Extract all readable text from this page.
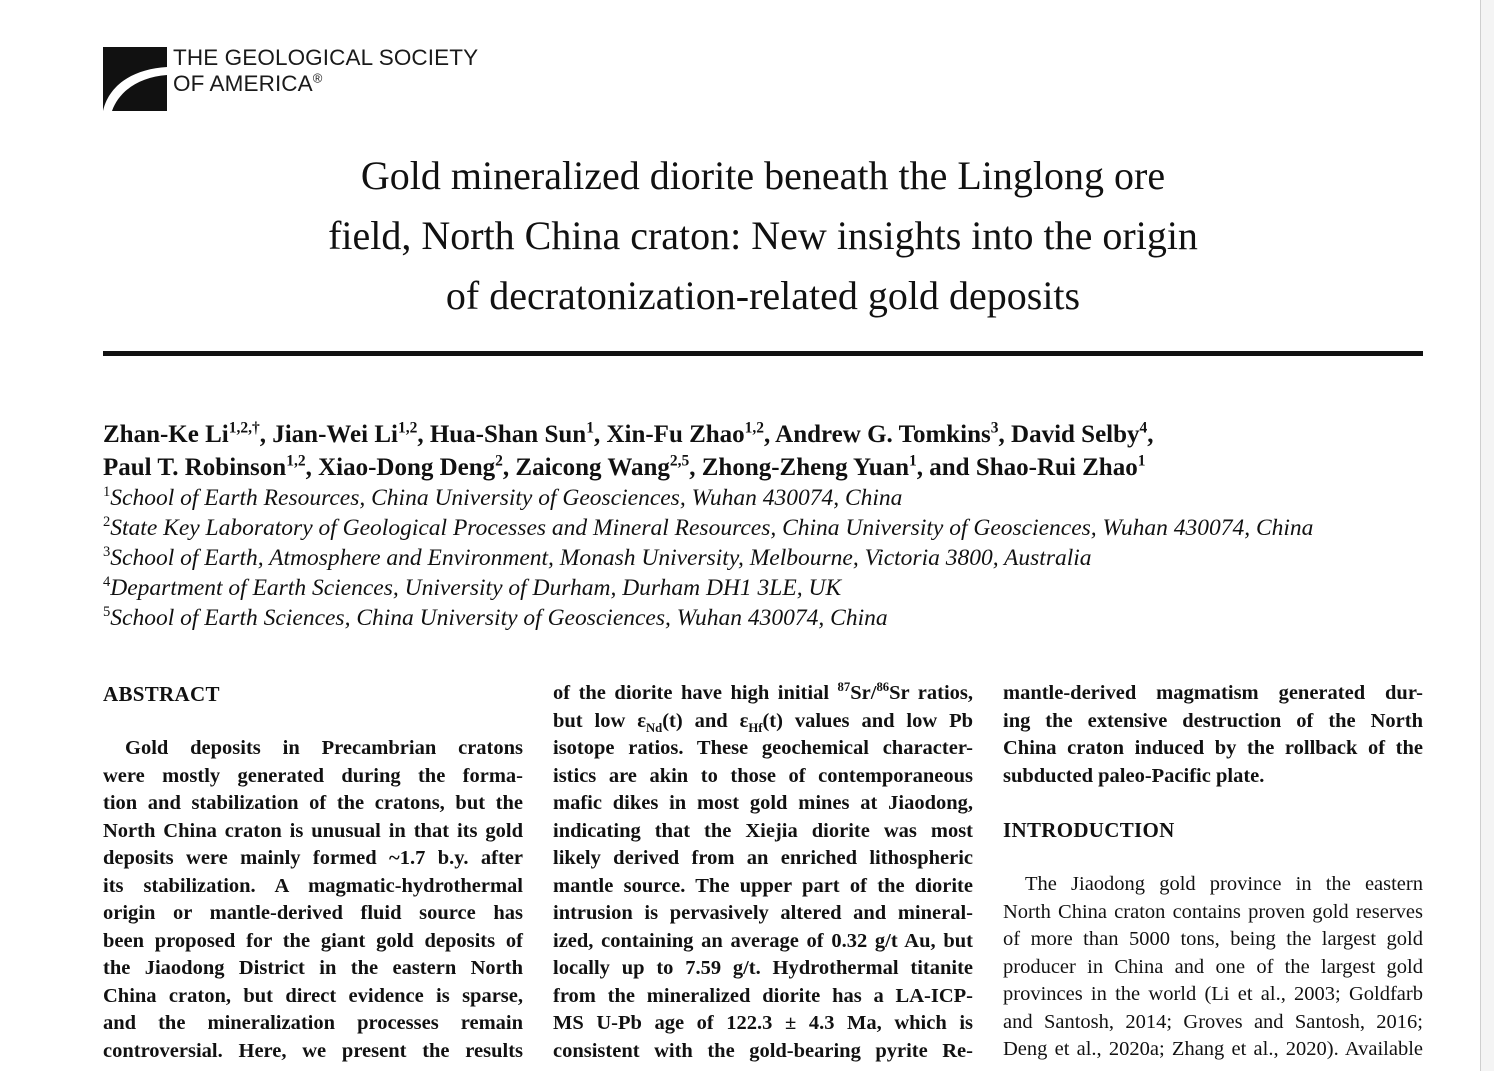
THE GEOLOGICAL SOCIETY
OF AMERICA®
Gold mineralized diorite beneath the Linglong ore
field, North China craton: New insights into the origin
of decratonization-related gold deposits
Zhan-Ke $Li^{1,2,\dagger}$, Jian-Wei Li$^{1,2}$, Hua-Shan Sun$^1$, Xin-Fu Zhao$^{1,2}$, Andrew G. Tomkins$^3$, David Selby$^4$,
Paul T. Robinson$^{1,2}$, Xiao-Dong Deng$^2$, Zaicong Wang$^{2,5}$, Zhong-Zheng Yuan$^1$, and Shao-Rui Zhao$^1$
$^1$School of Earth Resources, China University of Geosciences, Wuhan 430074, China
$^2$State Key Laboratory of Geological Processes and Mineral Resources, China University of Geosciences, Wuhan 430074, China
$^3$School of Earth, Atmosphere and Environment, Monash University, Melbourne, Victoria 3800, Australia
$^4$Department of Earth Sciences, University of Durham, Durham DH1 3LE, UK
$^5$School of Earth Sciences, China University of Geosciences, Wuhan 430074, China
ABSTRACT
Gold deposits in Precambrian cratons
were mostly generated during the forma-
tion and stabilization of the cratons, but the
North China craton is unusual in that its gold
deposits were mainly formed ~1.7 b.y. after
its stabilization. A magmatic-hydrothermal
origin or mantle-derived fluid source has
been proposed for the giant gold deposits of
the Jiaodong District in the eastern North
China craton, but direct evidence is sparse,
and the mineralization processes remain
controversial. Here, we present the results
of the diorite have high initial $^{87}$Sr/$^{86}$Sr ratios,
but low $\varepsilon_{Nd}(t)$ and $\varepsilon_{Hf}(t)$ values and low Pb
isotope ratios. These geochemical character-
istics are akin to those of contemporaneous
mafic dikes in most gold mines at Jiaodong,
indicating that the Xiejia diorite was most
likely derived from an enriched lithospheric
mantle source. The upper part of the diorite
intrusion is pervasively altered and mineral-
ized, containing an average of 0.32 g/t Au, but
locally up to 7.59 g/t. Hydrothermal titanite
from the mineralized diorite has a LA-ICP-
MS U-Pb age of 122.3 ± 4.3 Ma, which is
consistent with the gold-bearing pyrite Re-
mantle-derived magmatism generated dur-
ing the extensive destruction of the North
China craton induced by the rollback of the
subducted paleo-Pacific plate.
INTRODUCTION
The Jiaodong gold province in the eastern
North China craton contains proven gold reserves
of more than 5000 tons, being the largest gold
producer in China and one of the largest gold
provinces in the world (Li et al., 2003; Goldfarb
and Santosh, 2014; Groves and Santosh, 2016;
Deng et al., 2020a; Zhang et al., 2020). Available
